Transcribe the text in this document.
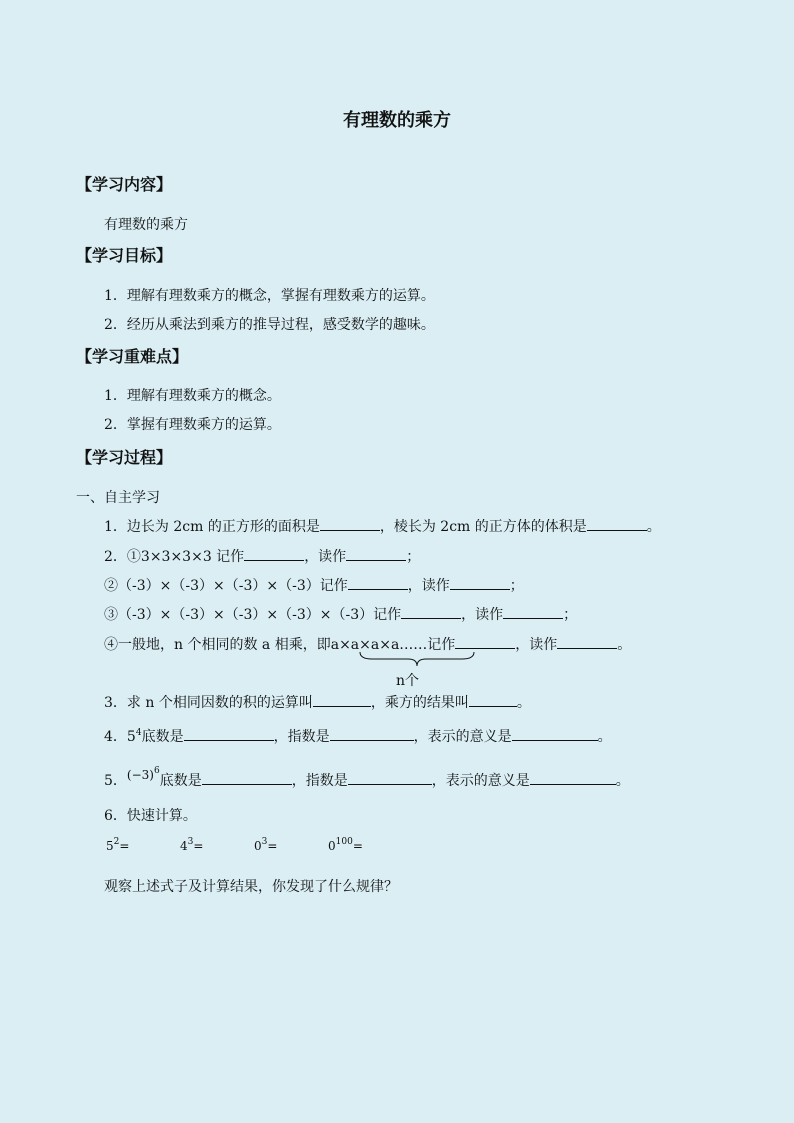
有理数的乘方
【学习内容】
有理数的乘方
【学习目标】
1．理解有理数乘方的概念，掌握有理数乘方的运算。
2．经历从乘法到乘方的推导过程，感受数学的趣味。
【学习重难点】
1．理解有理数乘方的概念。
2．掌握有理数乘方的运算。
【学习过程】
一、自主学习
1．边长为 2cm 的正方形的面积是	，棱长为 2cm 的正方体的体积是	。
2．①3×3×3×3 记作	，读作	；
②（-3）×（-3）×（-3）×（-3）记作	，读作	；
③（-3）×（-3）×（-3）×（-3）×（-3）记作	，读作	；
④一般地，n 个相同的数 a 相乘，即a×a×a×a……记作	，读作	。
n个
3．求 n 个相同因数的积的运算叫	，乘方的结果叫	。
4．$5^4$底数是	，指数是	，表示的意义是	。
5．$(-3)^6$底数是	，指数是	，表示的意义是	。
6．快速计算。
$5^2=$	$4^3=$	$0^3=$	$0^{100}=$
观察上述式子及计算结果，你发现了什么规律？
